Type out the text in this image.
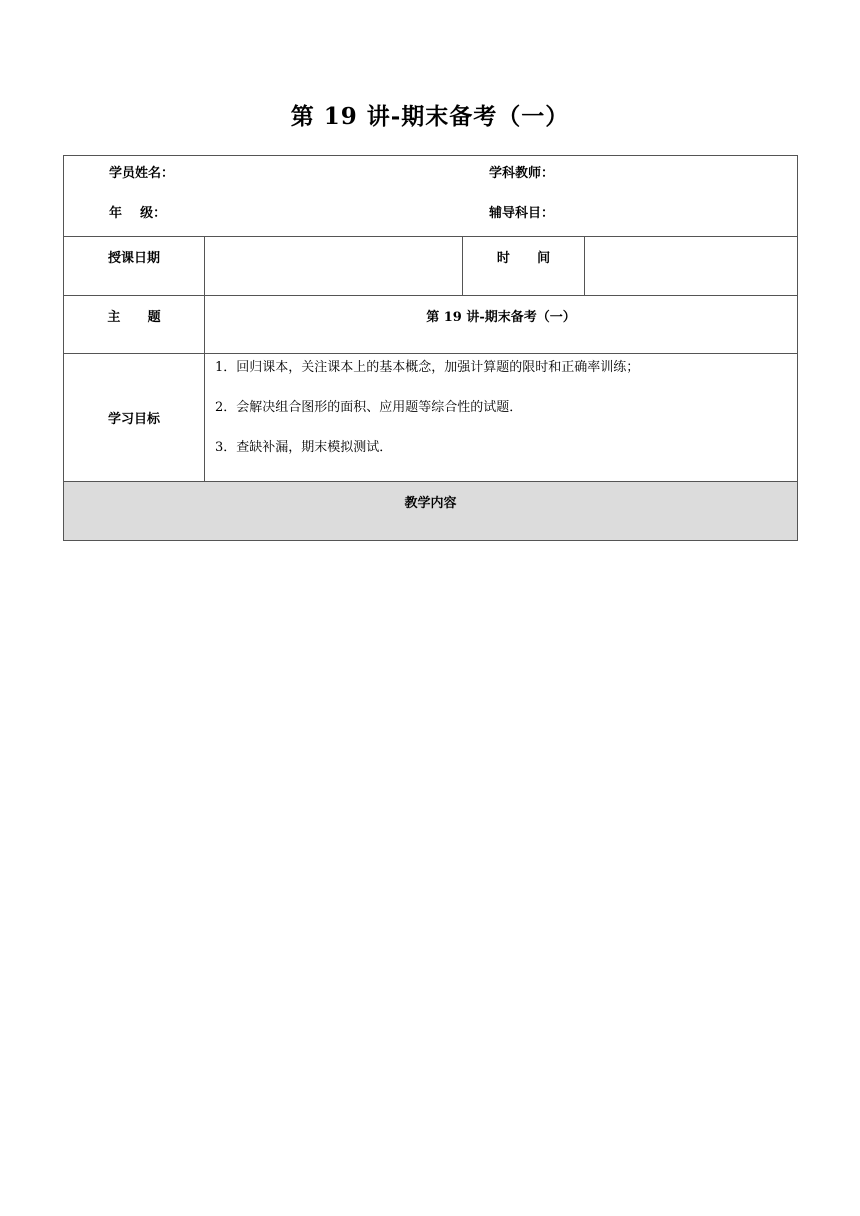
第 19 讲-期末备考（一）
学员姓名： 学科教师：
年    级： 辅导科目：			

授课日期		时      间	
主      题	第 19 讲-期末备考（一）		
学习目标	1．回归课本，关注课本上的基本概念，加强计算题的限时和正确率训练；
2．会解决组合图形的面积、应用题等综合性的试题．
3．查缺补漏，期末模拟测试．		

教学内容			
